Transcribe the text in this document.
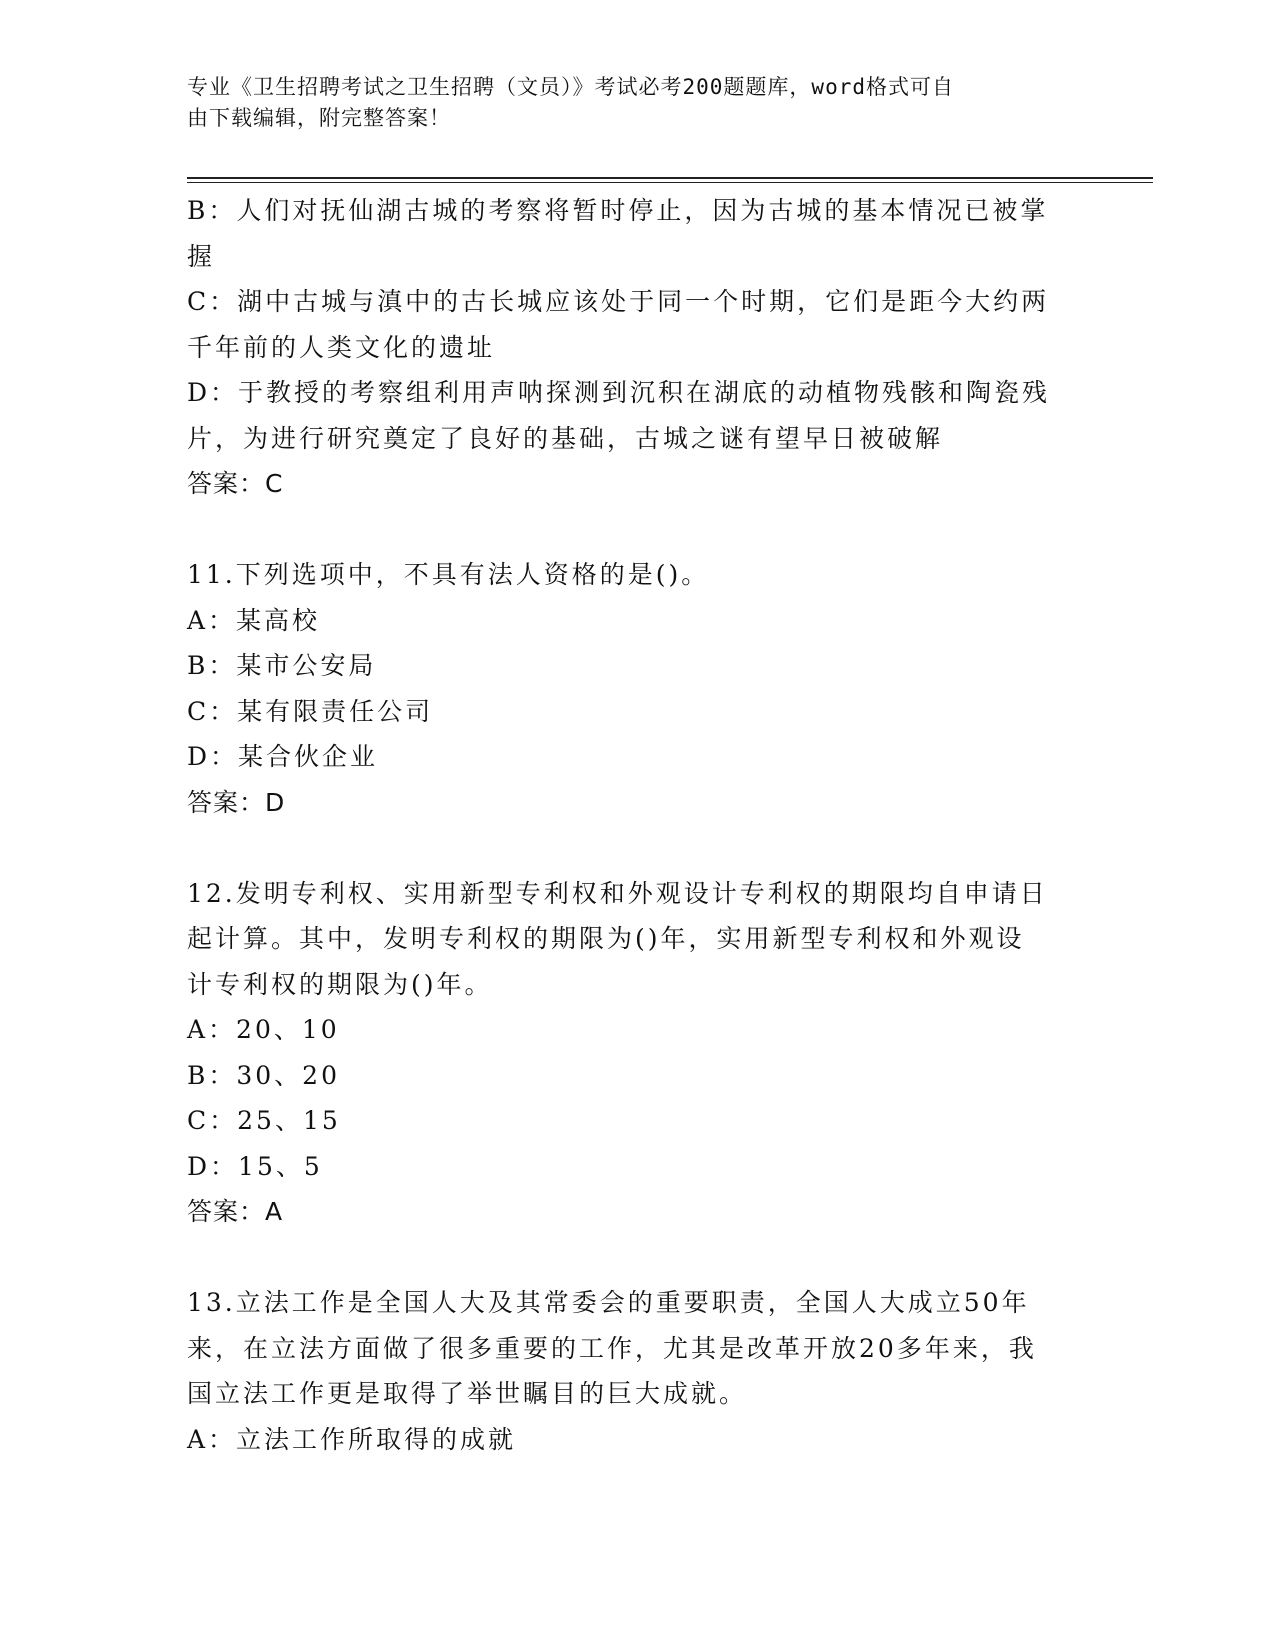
专业《卫生招聘考试之卫生招聘（文员）》考试必考200题题库，word格式可自
由下载编辑，附完整答案！
B：人们对抚仙湖古城的考察将暂时停止，因为古城的基本情况已被掌
握
C：湖中古城与滇中的古长城应该处于同一个时期，它们是距今大约两
千年前的人类文化的遗址
D：于教授的考察组利用声呐探测到沉积在湖底的动植物残骸和陶瓷残
片，为进行研究奠定了良好的基础，古城之谜有望早日被破解
答案：C
11.下列选项中，不具有法人资格的是()。
A：某高校
B：某市公安局
C：某有限责任公司
D：某合伙企业
答案：D
12.发明专利权、实用新型专利权和外观设计专利权的期限均自申请日
起计算。其中，发明专利权的期限为()年，实用新型专利权和外观设
计专利权的期限为()年。
A：20、10
B：30、20
C：25、15
D：15、5
答案：A
13.立法工作是全国人大及其常委会的重要职责，全国人大成立50年
来，在立法方面做了很多重要的工作，尤其是改革开放20多年来，我
国立法工作更是取得了举世瞩目的巨大成就。
A：立法工作所取得的成就
